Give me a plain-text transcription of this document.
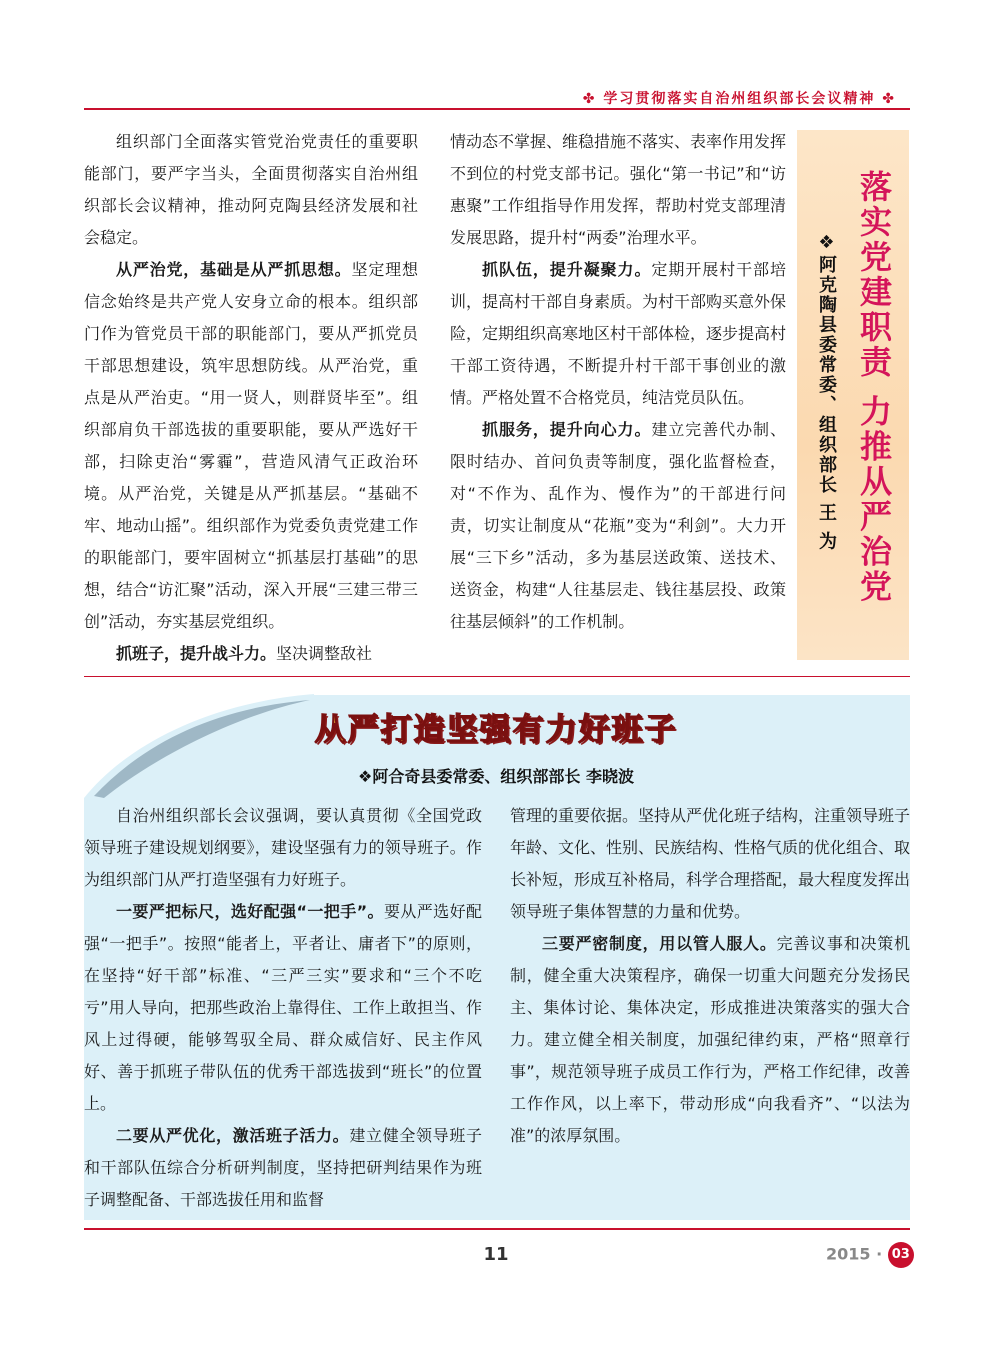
✤ 学习贯彻落实自治州组织部长会议精神 ✤

组织部门全面落实管党治党责任的重要职能部门，要严字当头，全面贯彻落实自治州组织部长会议精神，推动阿克陶县经济发展和社会稳定。

从严治党，基础是从严抓思想。坚定理想信念始终是共产党人安身立命的根本。组织部门作为管党员干部的职能部门，要从严抓党员干部思想建设，筑牢思想防线。从严治党，重点是从严治吏。“用一贤人，则群贤毕至”。组织部肩负干部选拔的重要职能，要从严选好干部，扫除吏治“雾霾”，营造风清气正政治环境。从严治党，关键是从严抓基层。“基础不牢、地动山摇”。组织部作为党委负责党建工作的职能部门，要牢固树立“抓基层打基础”的思想，结合“访汇聚”活动，深入开展“三建三带三创”活动，夯实基层党组织。

抓班子，提升战斗力。坚决调整敌社

情动态不掌握、维稳措施不落实、表率作用发挥不到位的村党支部书记。强化“第一书记”和“访惠聚”工作组指导作用发挥，帮助村党支部理清发展思路，提升村“两委”治理水平。

抓队伍，提升凝聚力。定期开展村干部培训，提高村干部自身素质。为村干部购买意外保险，定期组织高寒地区村干部体检，逐步提高村干部工资待遇，不断提升村干部干事创业的激情。严格处置不合格党员，纯洁党员队伍。

抓服务，提升向心力。建立完善代办制、限时结办、首问负责等制度，强化监督检查，对“不作为、乱作为、慢作为”的干部进行问责，切实让制度从“花瓶”变为“利剑”。大力开展“三下乡”活动，多为基层送政策、送技术、送资金，构建“人往基层走、钱往基层投、政策往基层倾斜”的工作机制。

落实党建职责 力推从严治党
❖阿克陶县委常委、组织部长 王 为
从严打造坚强有力好班子
❖阿合奇县委常委、组织部部长 李晓波

自治州组织部长会议强调，要认真贯彻《全国党政领导班子建设规划纲要》，建设坚强有力的领导班子。作为组织部门从严打造坚强有力好班子。

一要严把标尺，选好配强“一把手”。要从严选好配强“一把手”。按照“能者上，平者让、庸者下”的原则，在坚持“好干部”标准、“三严三实”要求和“三个不吃亏”用人导向，把那些政治上靠得住、工作上敢担当、作风上过得硬，能够驾驭全局、群众威信好、民主作风好、善于抓班子带队伍的优秀干部选拔到“班长”的位置上。

二要从严优化，激活班子活力。建立健全领导班子和干部队伍综合分析研判制度，坚持把研判结果作为班子调整配备、干部选拔任用和监督

管理的重要依据。坚持从严优化班子结构，注重领导班子年龄、文化、性别、民族结构、性格气质的优化组合、取长补短，形成互补格局，科学合理搭配，最大程度发挥出领导班子集体智慧的力量和优势。

三要严密制度，用以管人服人。完善议事和决策机制，健全重大决策程序，确保一切重大问题充分发扬民主、集体讨论、集体决定，形成推进决策落实的强大合力。建立健全相关制度，加强纪律约束，严格“照章行事”，规范领导班子成员工作行为，严格工作纪律，改善工作作风，以上率下，带动形成“向我看齐”、“以法为准”的浓厚氛围。

11	2015 · 03
